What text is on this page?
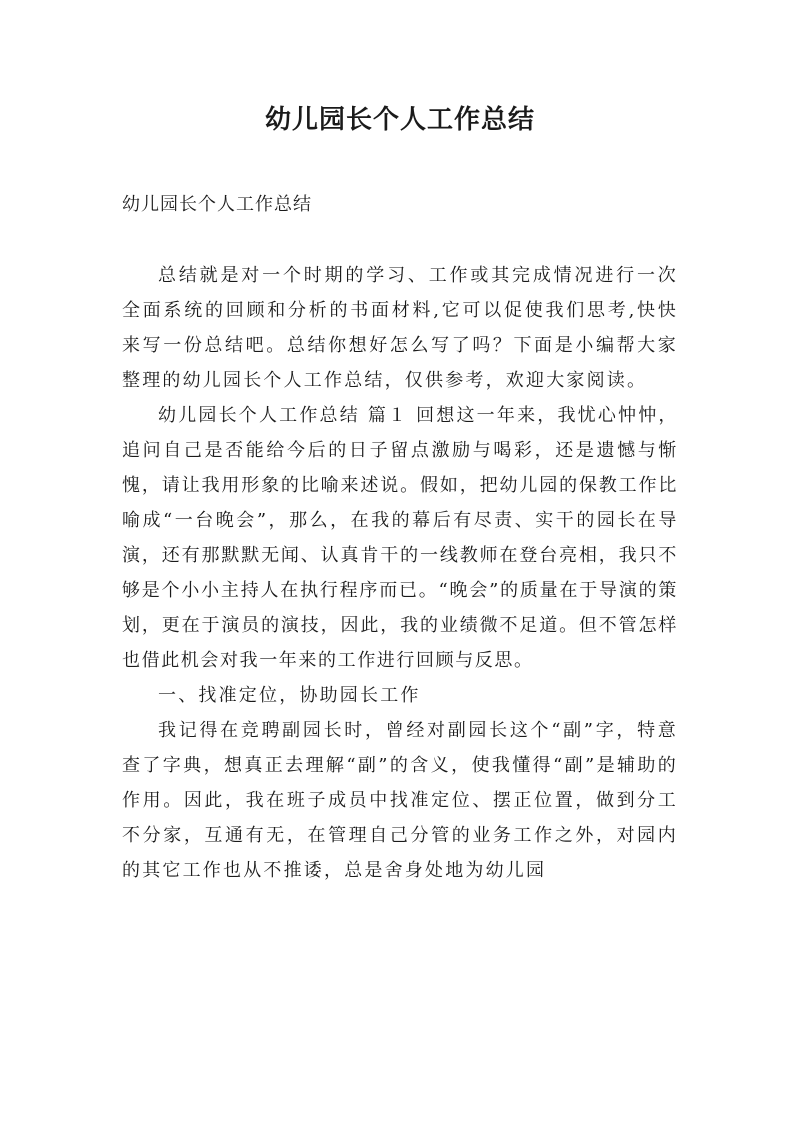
幼儿园长个人工作总结

幼儿园长个人工作总结

总结就是对一个时期的学习、工作或其完成情况进行一次全面系统的回顾和分析的书面材料,它可以促使我们思考,快快来写一份总结吧。总结你想好怎么写了吗？下面是小编帮大家整理的幼儿园长个人工作总结，仅供参考，欢迎大家阅读。

幼儿园长个人工作总结 篇１ 回想这一年来，我忧心忡忡，追问自己是否能给今后的日子留点激励与喝彩，还是遗憾与惭愧，请让我用形象的比喻来述说。假如，把幼儿园的保教工作比喻成“一台晚会”，那么，在我的幕后有尽责、实干的园长在导演，还有那默默无闻、认真肯干的一线教师在登台亮相，我只不够是个小小主持人在执行程序而已。“晚会”的质量在于导演的策划，更在于演员的演技，因此，我的业绩微不足道。但不管怎样也借此机会对我一年来的工作进行回顾与反思。

一、找准定位，协助园长工作

我记得在竞聘副园长时，曾经对副园长这个“副”字，特意查了字典，想真正去理解“副”的含义，使我懂得“副”是辅助的作用。因此，我在班子成员中找准定位、摆正位置，做到分工不分家，互通有无，在管理自己分管的业务工作之外，对园内的其它工作也从不推诿，总是舍身处地为幼儿园
